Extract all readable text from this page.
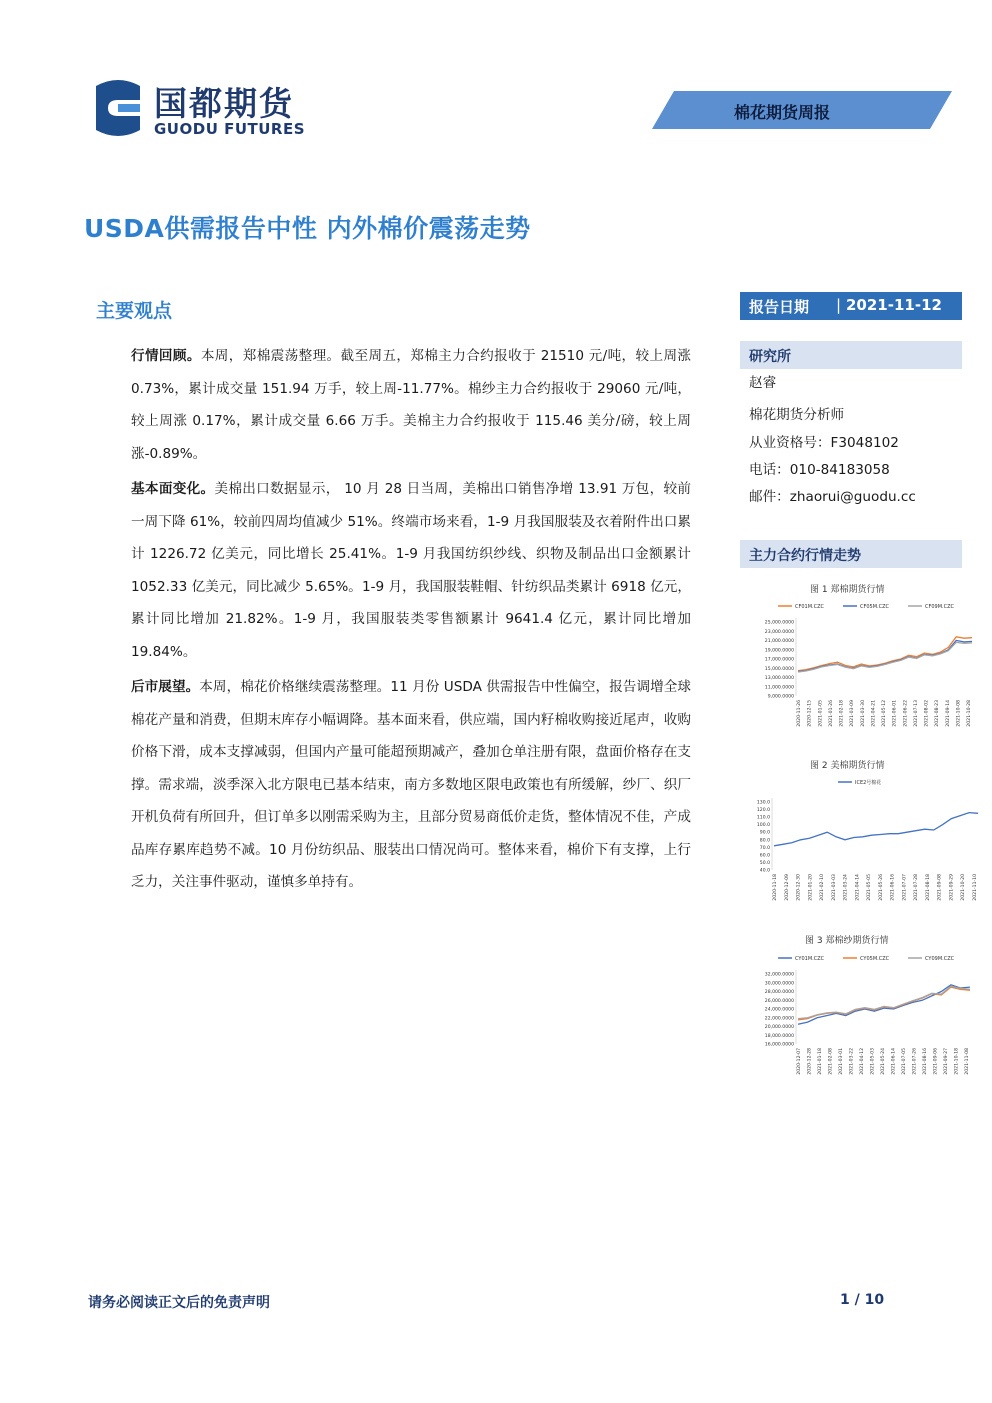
国都期货
GUODU FUTURES
棉花期货周报
USDA供需报告中性 内外棉价震荡走势
主要观点

行情回顾。本周，郑棉震荡整理。截至周五，郑棉主力合约报收于 21510 元/吨，较上周涨 0.73%，累计成交量 151.94 万手，较上周-11.77%。棉纱主力合约报收于 29060 元/吨，较上周涨 0.17%，累计成交量 6.66 万手。美棉主力合约报收于 115.46 美分/磅，较上周涨-0.89%。

基本面变化。美棉出口数据显示， 10 月 28 日当周，美棉出口销售净增 13.91 万包，较前一周下降 61%，较前四周均值减少 51%。终端市场来看，1-9 月我国服装及衣着附件出口累计 1226.72 亿美元，同比增长 25.41%。1-9 月我国纺织纱线、织物及制品出口金额累计 1052.33 亿美元，同比减少 5.65%。1-9 月，我国服装鞋帽、针纺织品类累计 6918 亿元，累计同比增加 21.82%。1-9 月，我国服装类零售额累计 9641.4 亿元，累计同比增加 19.84%。

后市展望。本周，棉花价格继续震荡整理。11 月份 USDA 供需报告中性偏空，报告调增全球棉花产量和消费，但期末库存小幅调降。基本面来看，供应端，国内籽棉收购接近尾声，收购价格下滑，成本支撑减弱，但国内产量可能超预期减产，叠加仓单注册有限，盘面价格存在支撑。需求端，淡季深入北方限电已基本结束，南方多数地区限电政策也有所缓解，纱厂、织厂开机负荷有所回升，但订单多以刚需采购为主，且部分贸易商低价走货，整体情况不佳，产成品库存累库趋势不减。10 月份纺织品、服装出口情况尚可。整体来看，棉价下有支撑，上行乏力，关注事件驱动，谨慎多单持有。

报告日期 | 2021-11-12
研究所
赵睿
棉花期货分析师
从业资格号：F3048102
电话：010-84183058
邮件：zhaorui@guodu.cc
主力合约行情走势
图 1 郑棉期货行情
CF01M.CZC	CF05M.CZC	CF09M.CZC
25,000.0000
23,000.0000
21,000.0000
19,000.0000
17,000.0000
15,000.0000
13,000.0000
11,000.0000
9,000.0000
2020-11-26 2020-12-15 2021-01-05 2021-01-26 2021-02-18 2021-03-09 2021-03-30 2021-04-21 2021-05-12 2021-06-01 2021-06-22 2021-07-13 2021-08-02 2021-08-23 2021-09-14 2021-10-08 2021-10-28
图 2 美棉期货行情
ICE2号棉花
130.0
120.0
110.0
100.0
90.0
80.0
70.0
60.0
50.0
40.0
2020-11-18 2020-12-09 2020-12-30 2021-01-20 2021-02-10 2021-03-03 2021-03-24 2021-04-14 2021-05-05 2021-05-26 2021-06-16 2021-07-07 2021-07-28 2021-08-18 2021-09-08 2021-09-29 2021-10-20 2021-11-10
图 3 郑棉纱期货行情
CY01M.CZC	CY05M.CZC	CY09M.CZC
32,000.0000
30,000.0000
28,000.0000
26,000.0000
24,000.0000
22,000.0000
20,000.0000
18,000.0000
16,000.0000
2020-12-07 2020-12-28 2021-01-18 2021-02-08 2021-03-01 2021-03-22 2021-04-12 2021-05-03 2021-05-24 2021-06-14 2021-07-05 2021-07-26 2021-08-16 2021-09-06 2021-09-27 2021-10-18 2021-11-08
请务必阅读正文后的免责声明	1 / 10
